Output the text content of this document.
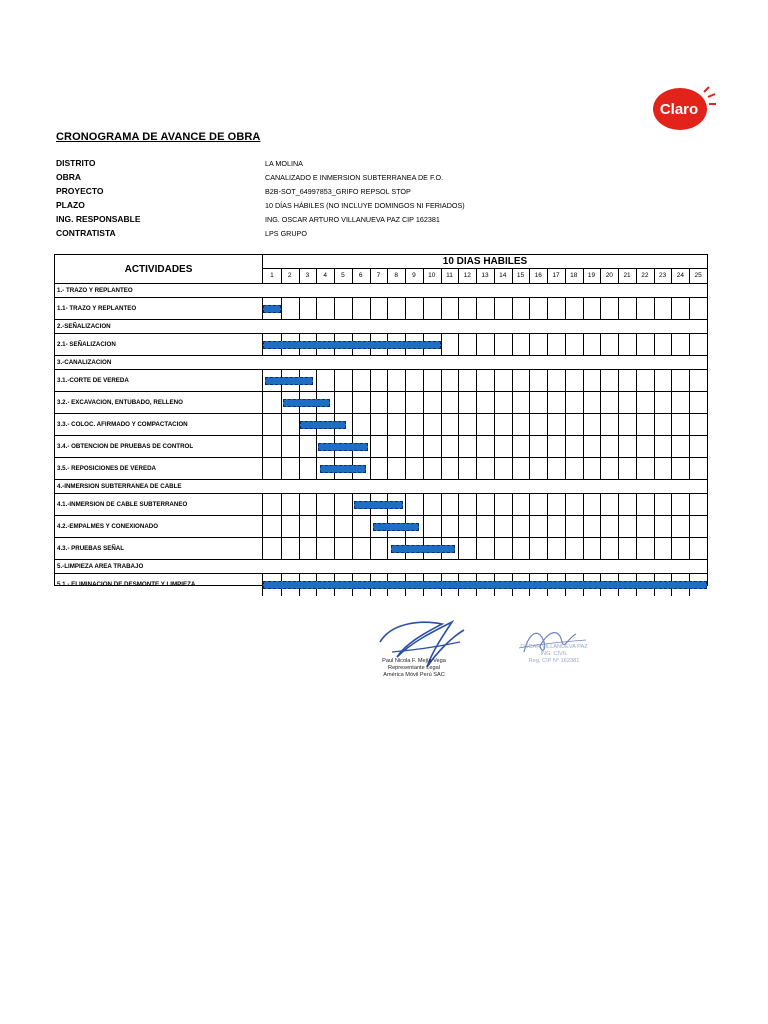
Claro
CRONOGRAMA DE AVANCE DE OBRA
DISTRITO	LA MOLINA
OBRA	CANALIZADO E INMERSION SUBTERRANEA DE F.O.
PROYECTO	B2B-SOT_64997853_GRIFO REPSOL STOP
PLAZO	10 DÍAS HÁBILES (NO INCLUYE DOMINGOS NI FERIADOS)
ING. RESPONSABLE	ING. OSCAR ARTURO VILLANUEVA PAZ CIP 162381
CONTRATISTA	LPS GRUPO
ACTIVIDADES
10 DIAS HABILES
1	2	3	4	5	6	7	8	9	10	11	12	13	14	15	16	17	18	19	20	21	22	23	24	25
1.- TRAZO Y REPLANTEO
1.1- TRAZO Y REPLANTEO
2.-SEÑALIZACION
2.1- SEÑALIZACION
3.-CANALIZACION
3.1.-CORTE DE VEREDA
3.2.- EXCAVACION, ENTUBADO, RELLENO
3.3.- COLOC. AFIRMADO Y COMPACTACION
3.4.- OBTENCION DE PRUEBAS DE CONTROL
3.5.- REPOSICIONES DE VEREDA
4.-INMERSION SUBTERRANEA DE CABLE
4.1.-INMERSION DE CABLE SUBTERRANEO
4.2.-EMPALMES Y CONEXIONADO
4.3.- PRUEBAS SEÑAL
5.-LIMPIEZA AREA TRABAJO
5.1.- ELIMINACION DE DESMONTE Y LIMPIEZA
Paul Nicola F. Mejía Vega
Representante Legal
América Móvil Perú SAC
OSCAR VILLANUEVA PAZ
ING. CIVIL
Reg. CIP N° 162381
